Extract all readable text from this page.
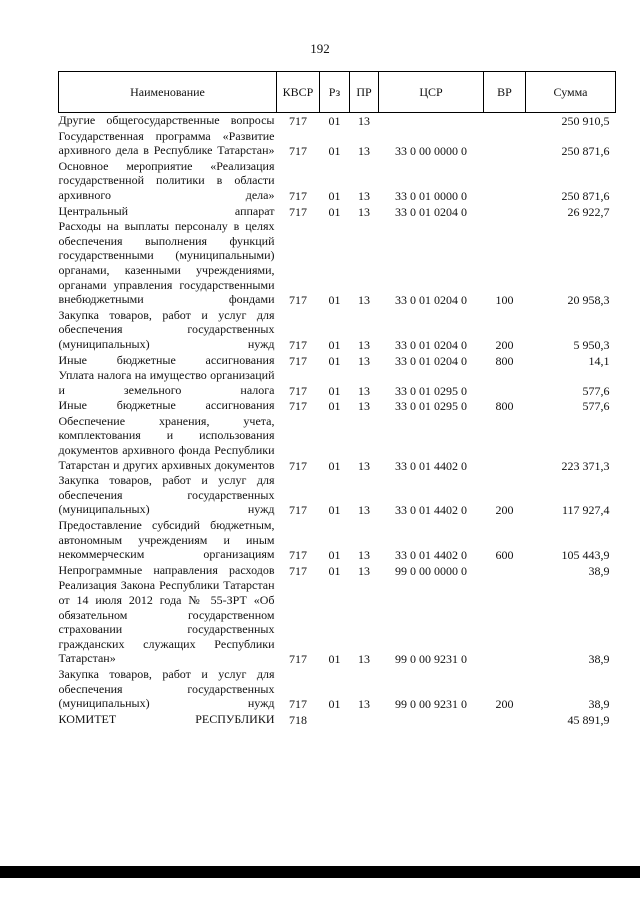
192
Наименование	КВСР	Рз	ПР	ЦСР	ВР	Сумма
Другие общегосударственные вопросы	717	01	13			250 910,5
Государственная программа «Развитие архивного дела в Республике Татарстан»	717	01	13	33 0 00 0000 0		250 871,6
Основное мероприятие «Реализация государственной политики в области архивного дела»	717	01	13	33 0 01 0000 0		250 871,6
Центральный аппарат	717	01	13	33 0 01 0204 0		26 922,7
Расходы на выплаты персоналу в целях обеспечения выполнения функций государственными (муниципальными) органами, казенными учреждениями, органами управления государственными внебюджетными фондами	717	01	13	33 0 01 0204 0	100	20 958,3
Закупка товаров, работ и услуг для обеспечения государственных (муниципальных) нужд	717	01	13	33 0 01 0204 0	200	5 950,3
Иные бюджетные ассигнования	717	01	13	33 0 01 0204 0	800	14,1
Уплата налога на имущество организаций и земельного налога	717	01	13	33 0 01 0295 0		577,6
Иные бюджетные ассигнования	717	01	13	33 0 01 0295 0	800	577,6
Обеспечение хранения, учета, комплектования и использования документов архивного фонда Республики Татарстан и других архивных документов	717	01	13	33 0 01 4402 0		223 371,3
Закупка товаров, работ и услуг для обеспечения государственных (муниципальных) нужд	717	01	13	33 0 01 4402 0	200	117 927,4
Предоставление субсидий бюджетным, автономным учреждениям и иным некоммерческим организациям	717	01	13	33 0 01 4402 0	600	105 443,9
Непрограммные направления расходов	717	01	13	99 0 00 0000 0		38,9
Реализация Закона Республики Татарстан от 14 июля 2012 года № 55-ЗРТ «Об обязательном государственном страховании государственных гражданских служащих Республики Татарстан»	717	01	13	99 0 00 9231 0		38,9
Закупка товаров, работ и услуг для обеспечения государственных (муниципальных) нужд	717	01	13	99 0 00 9231 0	200	38,9
КОМИТЕТ РЕСПУБЛИКИ	718					45 891,9
